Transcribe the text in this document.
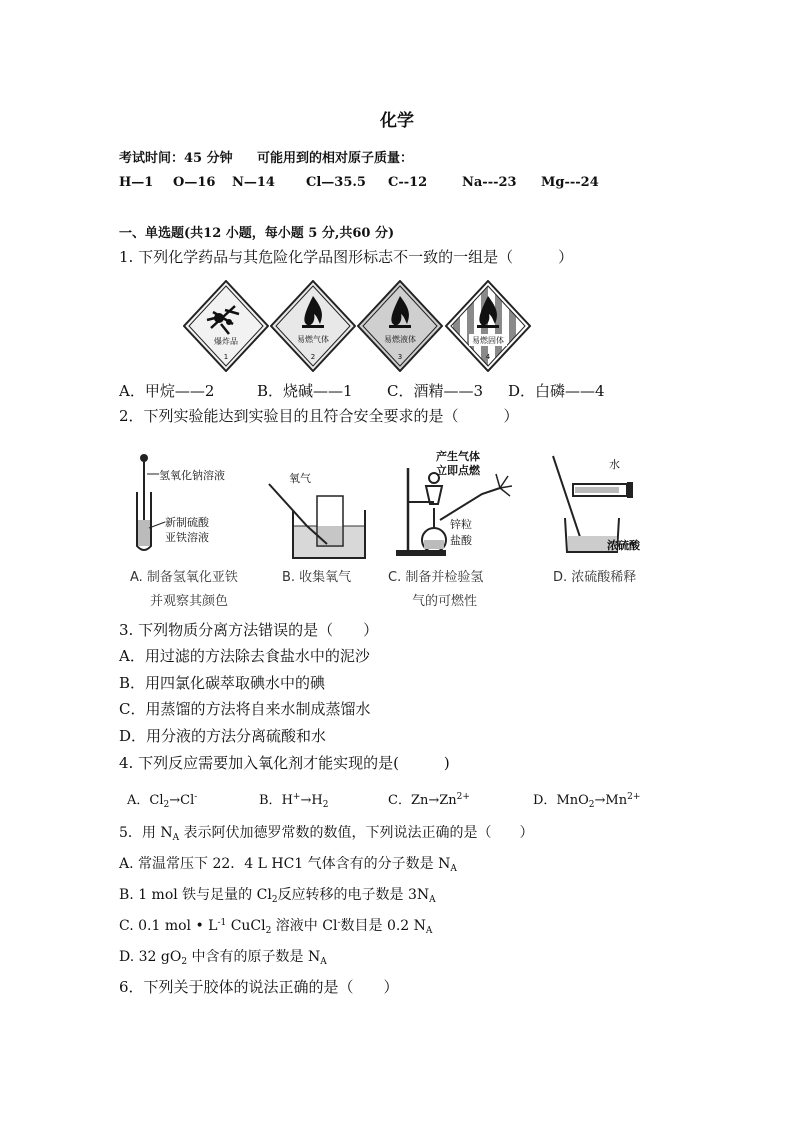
化学
考试时间：45 分钟 可能用到的相对原子质量：
H—1 O—16 N—14 Cl—35.5 C--12	Na---23 Mg---24
一、单选题(共12 小题，每小题 5 分,共60 分)
1. 下列化学药品与其危险化学品图形标志不一致的一组是（　　　）
爆炸品
1
易燃气体
2
易燃液体
3
易燃固体
4
A．甲烷——2	B．烧碱——1 C．酒精——3 D．白磷——4
2．下列实验能达到实验目的且符合安全要求的是（　　　）
氢氧化钠溶液
新制硫酸
亚铁溶液
A. 制备氢氧化亚铁
并观察其颜色
氧气
B. 收集氧气
产生气体
立即点燃
锌粒
盐酸
C. 制备并检验氢
气的可燃性
水
浓硫酸
D. 浓硫酸稀释
3. 下列物质分离方法错误的是（　　）
A．用过滤的方法除去食盐水中的泥沙
B．用四氯化碳萃取碘水中的碘
C．用蒸馏的方法将自来水制成蒸馏水
D．用分液的方法分离硫酸和水
4. 下列反应需要加入氧化剂才能实现的是(　　　)
A．$Cl_2\to Cl^-$	B．$H^+\to H_2$	C．$Zn\to Zn^{2+}$	D．$MnO_2\to Mn^{2+}$
5．用 $N_A$ 表示阿伏加德罗常数的数值，下列说法正确的是（　　）
A. 常温常压下 22．4 L HC1 气体含有的分子数是 $N_A$
B. 1 mol 铁与足量的 $Cl_2$反应转移的电子数是 $3N_A$
C. 0.1 mol • $L^{-1}$ CuCl$_2$ 溶液中 Cl-数目是 0.2 $N_A$
D. 32 $gO_2$ 中含有的原子数是 $N_A$
6．下列关于胶体的说法正确的是（　　）
